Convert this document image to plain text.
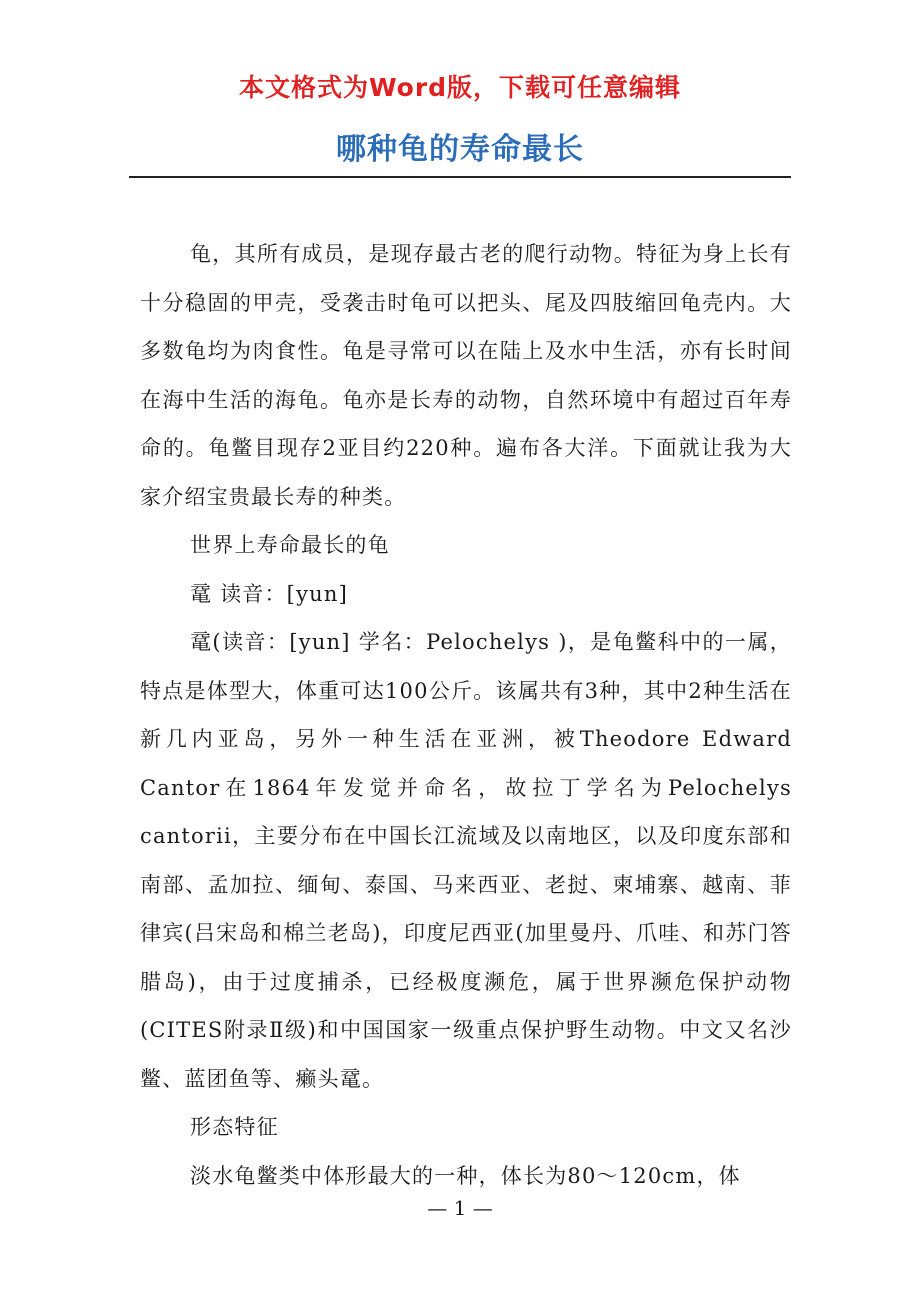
本文格式为Word版，下载可任意编辑
哪种龟的寿命最长

龟，其所有成员，是现存最古老的爬行动物。特征为身上长有十分稳固的甲壳，受袭击时龟可以把头、尾及四肢缩回龟壳内。大多数龟均为肉食性。龟是寻常可以在陆上及水中生活，亦有长时间在海中生活的海龟。龟亦是长寿的动物，自然环境中有超过百年寿命的。龟鳖目现存2亚目约220种。遍布各大洋。下面就让我为大家介绍宝贵最长寿的种类。

世界上寿命最长的龟

鼋 读音：[yun]

鼋(读音：[yun] 学名：Pelochelys )，是龟鳖科中的一属，特点是体型大，体重可达100公斤。该属共有3种，其中2种生活在新几内亚岛，另外一种生活在亚洲，被Theodore Edward Cantor在1864年发觉并命名，故拉丁学名为Pelochelys cantorii，主要分布在中国长江流域及以南地区，以及印度东部和南部、孟加拉、缅甸、泰国、马来西亚、老挝、柬埔寨、越南、菲律宾(吕宋岛和棉兰老岛)，印度尼西亚(加里曼丹、爪哇、和苏门答腊岛)，由于过度捕杀，已经极度濒危，属于世界濒危保护动物(CITES附录Ⅱ级)和中国国家一级重点保护野生动物。中文又名沙鳖、蓝团鱼等、癞头鼋。

形态特征

淡水龟鳖类中体形最大的一种，体长为80～120cm，体

— 1 —
